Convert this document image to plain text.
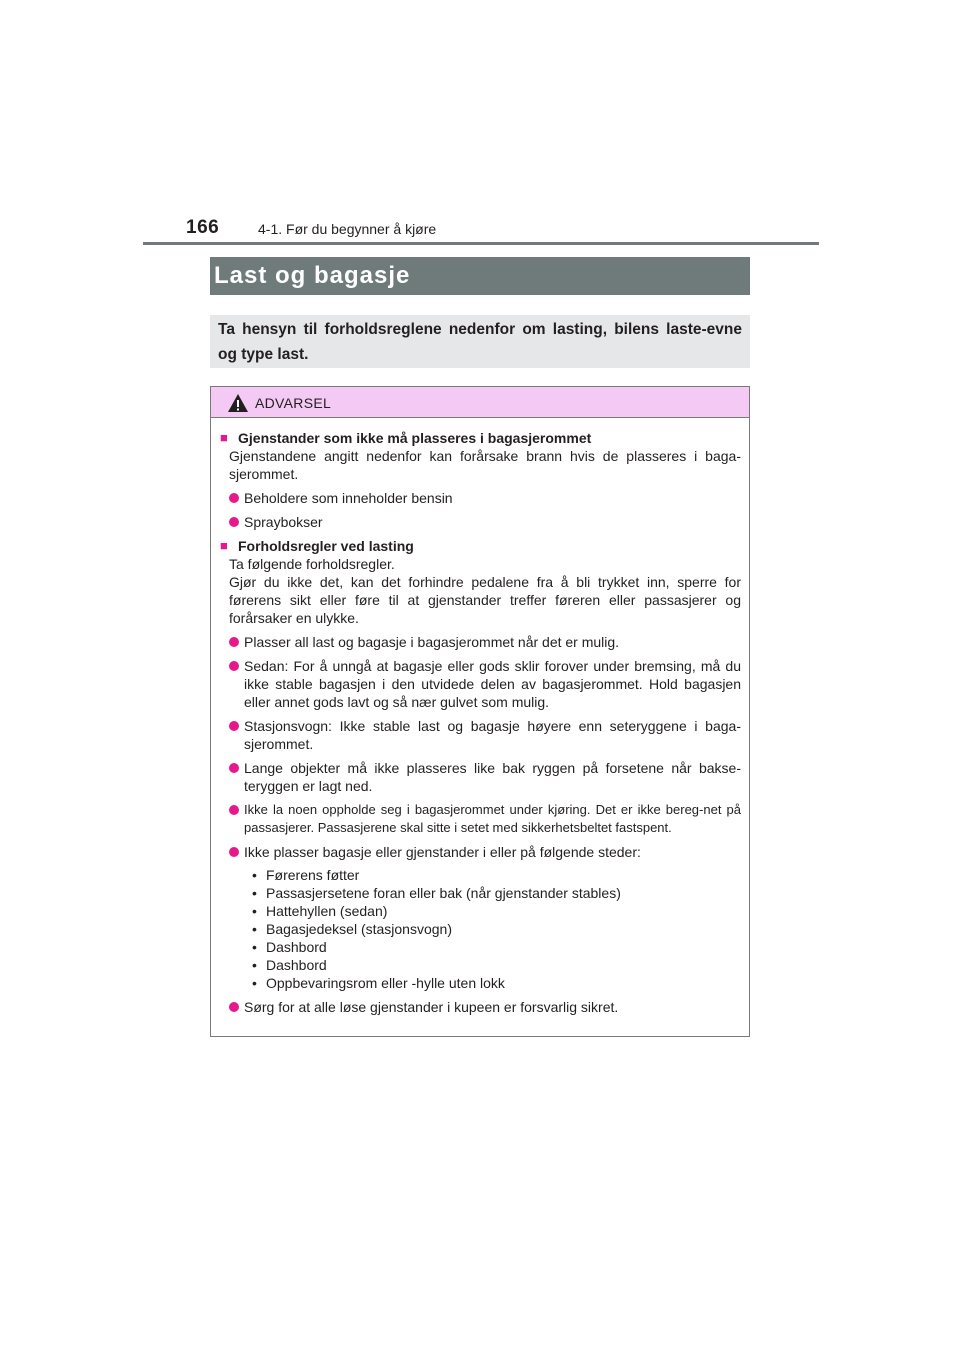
166	4-1. Før du begynner å kjøre
Last og bagasje
Ta hensyn til forholdsreglene nedenfor om lasting, bilens laste-evne og type last.
ADVARSEL
■ Gjenstander som ikke må plasseres i bagasjerommet
Gjenstandene angitt nedenfor kan forårsake brann hvis de plasseres i baga-sjerommet.
Beholdere som inneholder bensin
Spraybokser
■ Forholdsregler ved lasting
Ta følgende forholdsregler.
Gjør du ikke det, kan det forhindre pedalene fra å bli trykket inn, sperre for førerens sikt eller føre til at gjenstander treffer føreren eller passasjerer og forårsaker en ulykke.
Plasser all last og bagasje i bagasjerommet når det er mulig.
Sedan: For å unngå at bagasje eller gods sklir forover under bremsing, må du ikke stable bagasjen i den utvidede delen av bagasjerommet. Hold bagasjen eller annet gods lavt og så nær gulvet som mulig.
Stasjonsvogn: Ikke stable last og bagasje høyere enn seteryggene i baga-sjerommet.
Lange objekter må ikke plasseres like bak ryggen på forsetene når bakse-teryggen er lagt ned.
Ikke la noen oppholde seg i bagasjerommet under kjøring. Det er ikke bereg-net på passasjerer. Passasjerene skal sitte i setet med sikkerhetsbeltet fastspent.
Ikke plasser bagasje eller gjenstander i eller på følgende steder:
• Førerens føtter
• Passasjersetene foran eller bak (når gjenstander stables)
• Hattehyllen (sedan)
• Bagasjedeksel (stasjonsvogn)
• Dashbord
• Dashbord
• Oppbevaringsrom eller -hylle uten lokk
Sørg for at alle løse gjenstander i kupeen er forsvarlig sikret.
